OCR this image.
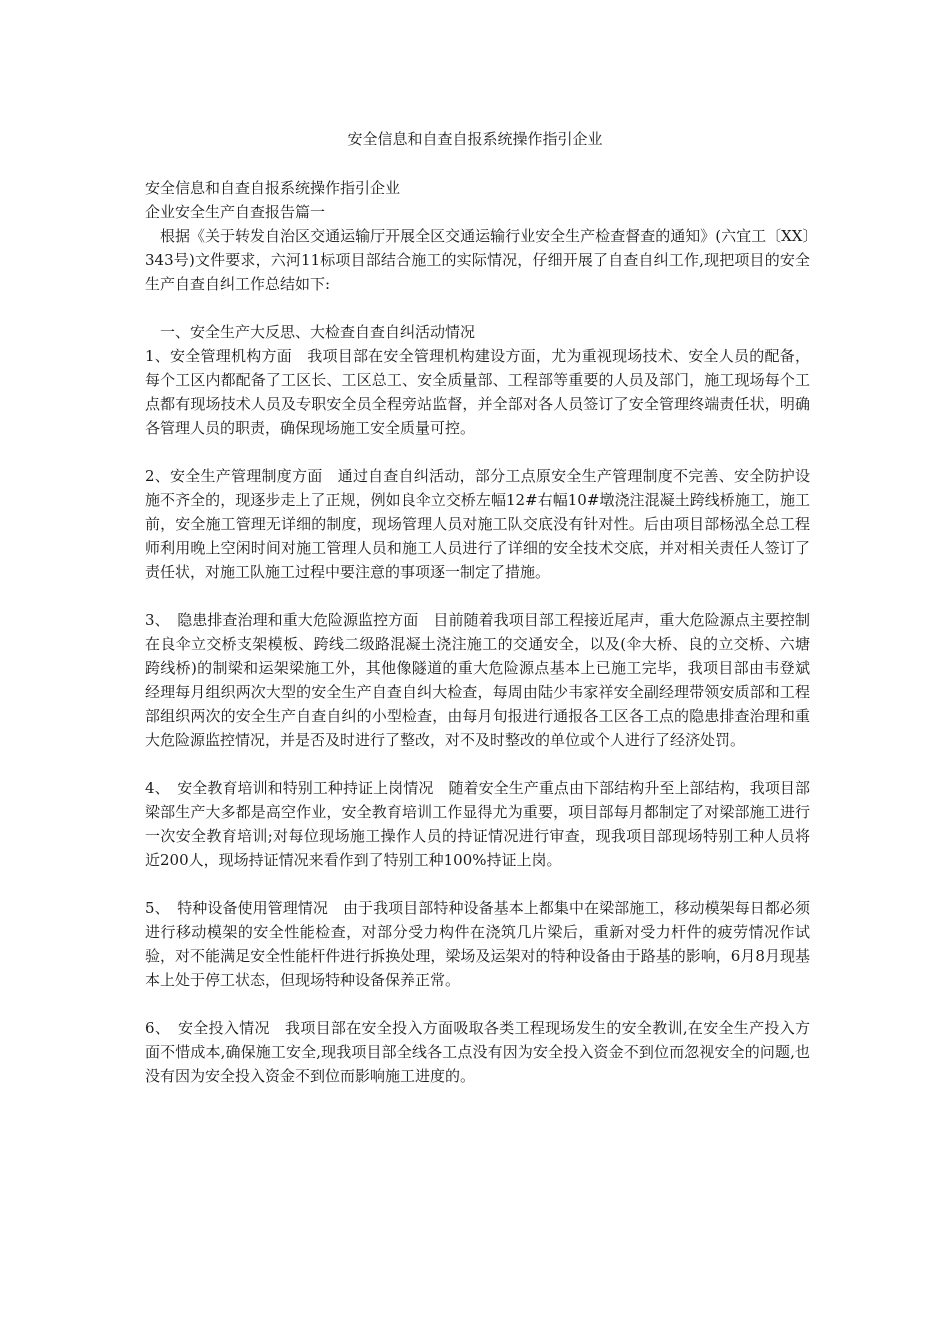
安全信息和自查自报系统操作指引企业

安全信息和自查自报系统操作指引企业

企业安全生产自查报告篇一

根据《关于转发自治区交通运输厅开展全区交通运输行业安全生产检查督查的通知》(六宜工〔XX〕343号)文件要求，六河11标项目部结合施工的实际情况，仔细开展了自查自纠工作,现把项目的安全生产自查自纠工作总结如下:

一、安全生产大反思、大检查自查自纠活动情况

1、安全管理机构方面　我项目部在安全管理机构建设方面，尤为重视现场技术、安全人员的配备，每个工区内都配备了工区长、工区总工、安全质量部、工程部等重要的人员及部门，施工现场每个工点都有现场技术人员及专职安全员全程旁站监督，并全部对各人员签订了安全管理终端责任状，明确各管理人员的职责，确保现场施工安全质量可控。

2、安全生产管理制度方面　通过自查自纠活动，部分工点原安全生产管理制度不完善、安全防护设施不齐全的，现逐步走上了正规，例如良伞立交桥左幅12#右幅10#墩浇注混凝土跨线桥施工，施工前，安全施工管理无详细的制度，现场管理人员对施工队交底没有针对性。后由项目部杨泓全总工程师利用晚上空闲时间对施工管理人员和施工人员进行了详细的安全技术交底，并对相关责任人签订了责任状，对施工队施工过程中要注意的事项逐一制定了措施。

3、　隐患排查治理和重大危险源监控方面　目前随着我项目部工程接近尾声，重大危险源点主要控制在良伞立交桥支架模板、跨线二级路混凝土浇注施工的交通安全，以及(伞大桥、良的立交桥、六塘跨线桥)的制梁和运架梁施工外，其他像隧道的重大危险源点基本上已施工完毕，我项目部由韦登斌经理每月组织两次大型的安全生产自查自纠大检查，每周由陆少韦家祥安全副经理带领安质部和工程部组织两次的安全生产自查自纠的小型检查，由每月旬报进行通报各工区各工点的隐患排查治理和重大危险源监控情况，并是否及时进行了整改，对不及时整改的单位或个人进行了经济处罚。

4、　安全教育培训和特别工种持证上岗情况　随着安全生产重点由下部结构升至上部结构，我项目部梁部生产大多都是高空作业，安全教育培训工作显得尤为重要，项目部每月都制定了对梁部施工进行一次安全教育培训;对每位现场施工操作人员的持证情况进行审查，现我项目部现场特别工种人员将近200人，现场持证情况来看作到了特别工种100%持证上岗。

5、　特种设备使用管理情况　由于我项目部特种设备基本上都集中在梁部施工，移动模架每日都必须进行移动模架的安全性能检查，对部分受力构件在浇筑几片梁后，重新对受力杆件的疲劳情况作试验，对不能满足安全性能杆件进行拆换处理，梁场及运架对的特种设备由于路基的影响，6月8月现基本上处于停工状态，但现场特种设备保养正常。

6、　安全投入情况　我项目部在安全投入方面吸取各类工程现场发生的安全教训,在安全生产投入方面不惜成本,确保施工安全,现我项目部全线各工点没有因为安全投入资金不到位而忽视安全的问题,也没有因为安全投入资金不到位而影响施工进度的。
